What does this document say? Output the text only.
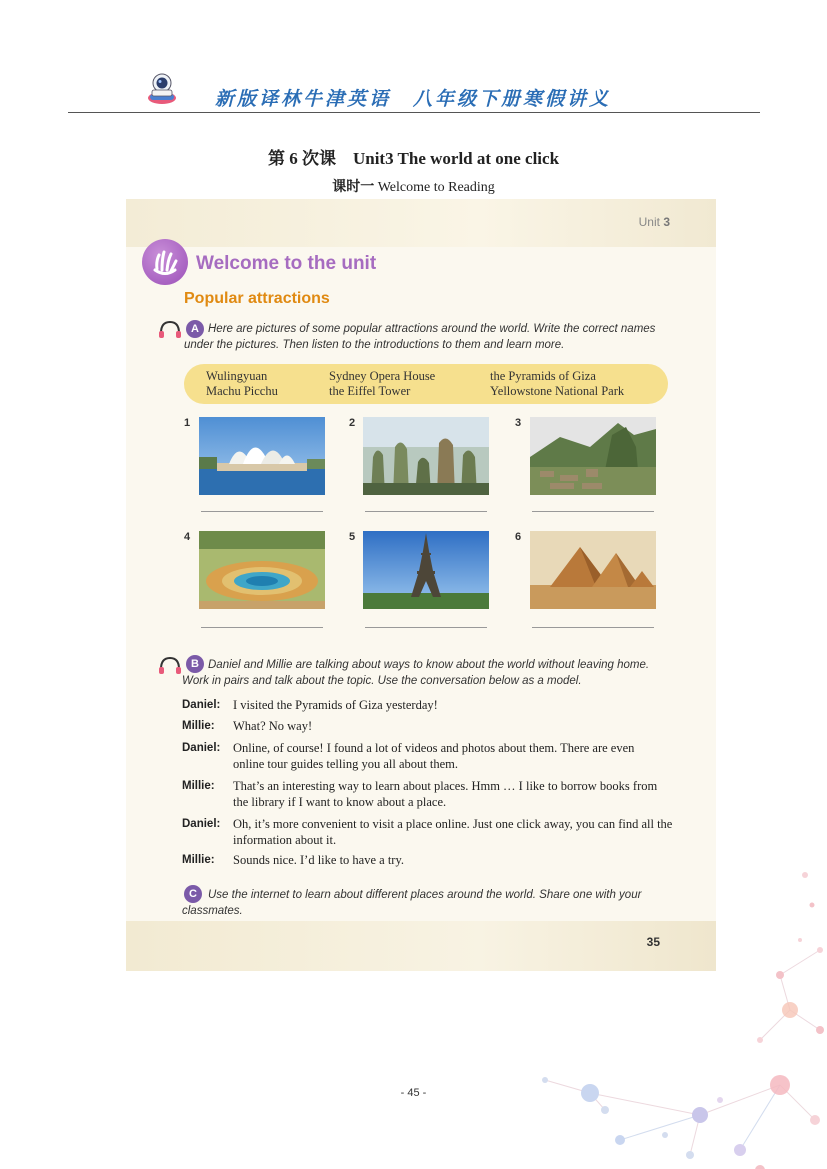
新版译林牛津英语　八年级下册寒假讲义
第 6 次课　Unit3 The world at one click
课时一 Welcome to Reading
Unit 3
Welcome to the unit
Popular attractions
A Here are pictures of some popular attractions around the world. Write the correct names under the pictures. Then listen to the introductions to them and learn more.
Wulingyuan
Machu Picchu
Sydney Opera House
the Eiffel Tower
the Pyramids of Giza
Yellowstone National Park
1	2	3
4	5	6
B Daniel and Millie are talking about ways to know about the world without leaving home. Work in pairs and talk about the topic. Use the conversation below as a model.
Daniel: I visited the Pyramids of Giza yesterday!
Millie: What? No way!
Daniel: Online, of course! I found a lot of videos and photos about them. There are even online tour guides telling you all about them.
Millie: That’s an interesting way to learn about places. Hmm … I like to borrow books from the library if I want to know about a place.
Daniel: Oh, it’s more convenient to visit a place online. Just one click away, you can find all the information about it.
Millie: Sounds nice. I’d like to have a try.
C Use the internet to learn about different places around the world. Share one with your classmates.
35
- 45 -
